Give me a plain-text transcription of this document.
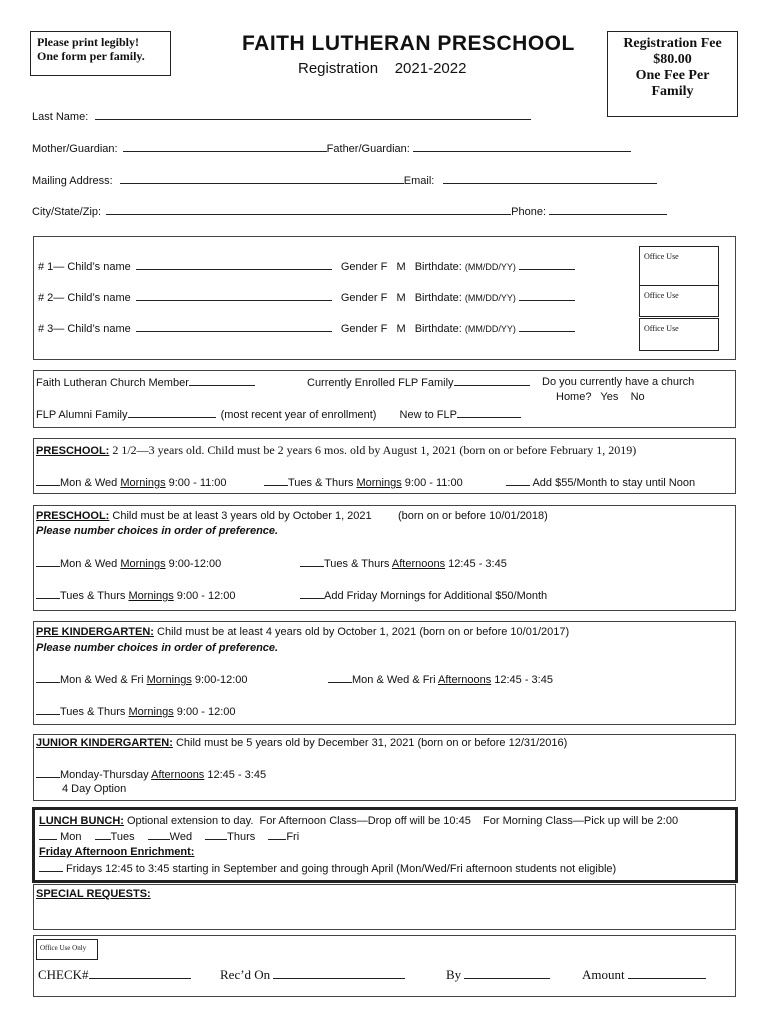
Please print legibly!
One form per family.
FAITH LUTHERAN PRESCHOOL
Registration    2021-2022
Registration Fee
$80.00
One Fee Per
Family
Last Name:
Mother/Guardian:	Father/Guardian:
Mailing Address:	Email:
City/State/Zip:	Phone:
# 1— Child’s name	Gender F   M Birthdate: (MM/DD/YY)
# 2— Child’s name	Gender F   M Birthdate: (MM/DD/YY)
# 3— Child’s name	Gender F   M Birthdate: (MM/DD/YY)
Office Use
Office Use
Office Use
Faith Lutheran Church Member	Currently Enrolled FLP Family	Do you currently have a church
Home?   Yes    No
FLP Alumni Family	(most recent year of enrollment) New to FLP
PRESCHOOL: 2 1/2—3 years old. Child must be 2 years 6 mos. old by August 1, 2021 (born on or before February 1, 2019)
Mon & Wed Mornings 9:00 - 11:00	Tues & Thurs Mornings 9:00 - 11:00	Add $55/Month to stay until Noon
PRESCHOOL: Child must be at least 3 years old by October 1, 2021 (born on or before 10/01/2018)
Please number choices in order of preference.
Mon & Wed Mornings 9:00-12:00	Tues & Thurs Afternoons 12:45 - 3:45
Tues & Thurs Mornings 9:00 - 12:00	Add Friday Mornings for Additional $50/Month
PRE KINDERGARTEN: Child must be at least 4 years old by October 1, 2021 (born on or before 10/01/2017)
Please number choices in order of preference.
Mon & Wed & Fri Mornings 9:00-12:00	Mon & Wed & Fri Afternoons 12:45 - 3:45
Tues & Thurs Mornings 9:00 - 12:00
JUNIOR KINDERGARTEN: Child must be 5 years old by December 31, 2021 (born on or before 12/31/2016)
Monday-Thursday Afternoons 12:45 - 3:45
4 Day Option
LUNCH BUNCH: Optional extension to day.  For Afternoon Class—Drop off will be 10:45    For Morning Class—Pick up will be 2:00
Mon	Tues	Wed	Thurs	Fri
Friday Afternoon Enrichment:
Fridays 12:45 to 3:45 starting in September and going through April (Mon/Wed/Fri afternoon students not eligible)
SPECIAL REQUESTS:
Office Use Only
CHECK#	Rec’d On	By	Amount
